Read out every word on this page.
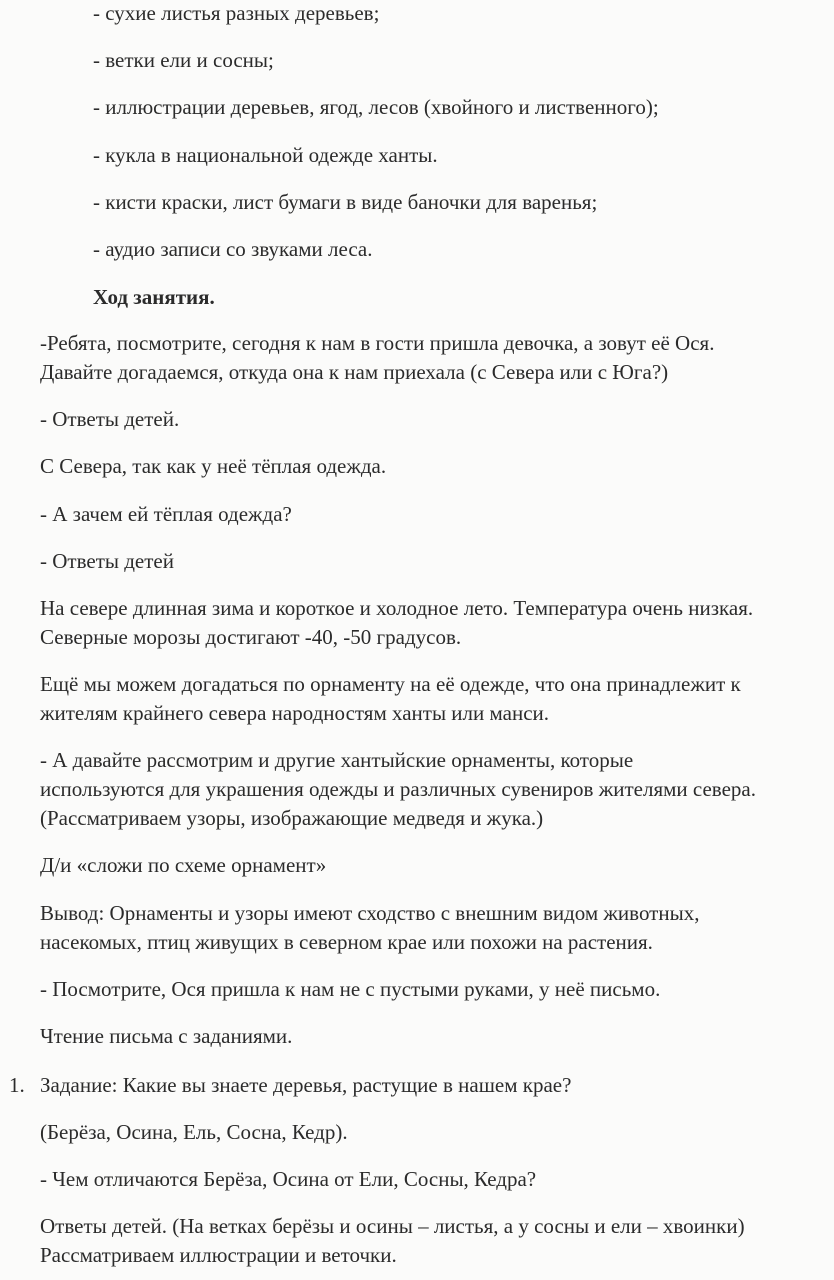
- сухие листья разных деревьев;
- ветки ели и сосны;
- иллюстрации деревьев, ягод, лесов (хвойного и лиственного);
- кукла в национальной одежде ханты.
- кисти краски, лист бумаги в виде баночки для варенья;
- аудио записи со звуками леса.
Ход занятия.
-Ребята, посмотрите, сегодня к нам в гости пришла девочка, а зовут её Ося.
Давайте догадаемся, откуда она к нам приехала (с Севера или с Юга?)
- Ответы детей.
С Севера, так как у неё тёплая одежда.
- А зачем ей тёплая одежда?
- Ответы детей
На севере длинная зима и короткое и холодное лето. Температура очень низкая.
Северные морозы достигают -40, -50 градусов.
Ещё мы можем догадаться по орнаменту на её одежде, что она принадлежит к
жителям крайнего севера народностям ханты или манси.
- А давайте рассмотрим и другие хантыйские орнаменты, которые
используются для украшения одежды и различных сувениров жителями севера.
(Рассматриваем узоры, изображающие медведя и жука.)
Д/и «сложи по схеме орнамент»
Вывод: Орнаменты и узоры имеют сходство с внешним видом животных,
насекомых, птиц живущих в северном крае или похожи на растения.
- Посмотрите, Ося пришла к нам не с пустыми руками, у неё письмо.
Чтение письма с заданиями.
1. Задание: Какие вы знаете деревья, растущие в нашем крае?
(Берёза, Осина, Ель, Сосна, Кедр).
- Чем отличаются Берёза, Осина от Ели, Сосны, Кедра?
Ответы детей. (На ветках берёзы и осины – листья, а у сосны и ели – хвоинки)
Рассматриваем иллюстрации и веточки.
